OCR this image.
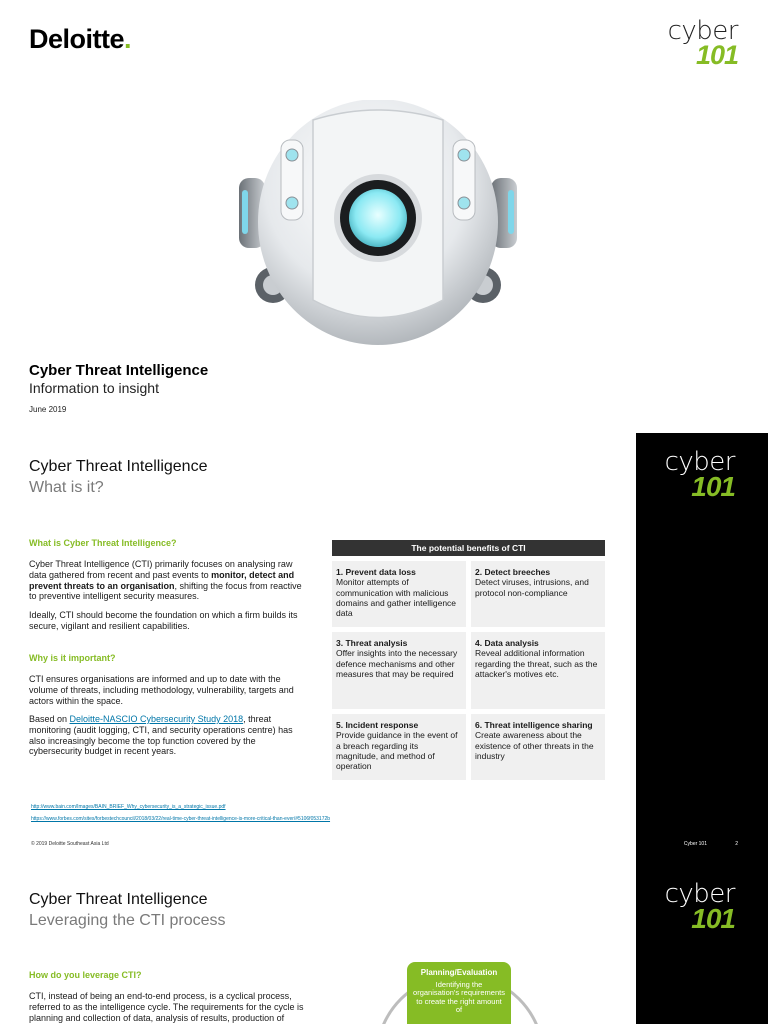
Deloitte.	cyber
101
Cyber Threat Intelligence
Information to insight
June 2019
cyber
101
Cyber 101	2
Cyber Threat Intelligence
What is it?
What is Cyber Threat Intelligence?
Cyber Threat Intelligence (CTI) primarily focuses on analysing raw data gathered from recent and past events to monitor, detect and prevent threats to an organisation, shifting the focus from reactive to preventive intelligent security measures.
Ideally, CTI should become the foundation on which a firm builds its secure, vigilant and resilient capabilities.
Why is it important?
CTI ensures organisations are informed and up to date with the volume of threats, including methodology, vulnerability, targets and actors within the space.
Based on Deloitte-NASCIO Cybersecurity Study 2018, threat monitoring (audit logging, CTI, and security operations centre) has also increasingly become the top function covered by the cybersecurity budget in recent years.
The potential benefits of CTI
1. Prevent data loss
Monitor attempts of communication with malicious domains and gather intelligence data
2. Detect breeches
Detect viruses, intrusions, and protocol non-compliance
3. Threat analysis
Offer insights into the necessary defence mechanisms and other measures that may be required
4. Data analysis
Reveal additional information regarding the threat, such as the attacker's motives etc.
5. Incident response
Provide guidance in the event of a breach regarding its magnitude, and method of operation
6. Threat intelligence sharing
Create awareness about the existence of other threats in the industry
http://www.bain.com/Images/BAIN_BRIEF_Why_cybersecurity_is_a_strategic_issue.pdf
https://www.forbes.com/sites/forbestechcouncil/2018/03/22/real-time-cyber-threat-intelligence-is-more-critical-than-ever/#5106f053172b
© 2019 Deloitte Southeast Asia Ltd
cyber
101
Cyber Threat Intelligence
Leveraging the CTI process
How do you leverage CTI?
CTI, instead of being an end-to-end process, is a cyclical process, referred to as the intelligence cycle. The requirements for the cycle is planning and collection of data, analysis of results, production of
Planning/Evaluation
Identifying the organisation's requirements to create the right amount of
